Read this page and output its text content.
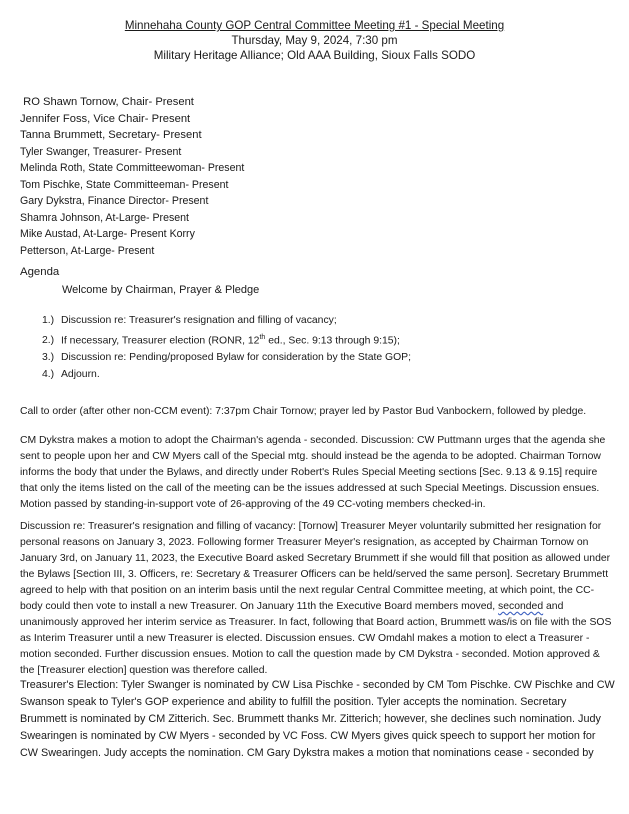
Minnehaha County GOP Central Committee Meeting #1 - Special Meeting
Thursday, May 9, 2024, 7:30 pm
Military Heritage Alliance; Old AAA Building, Sioux Falls SODO
RO Shawn Tornow, Chair- Present
Jennifer Foss, Vice Chair- Present
Tanna Brummett, Secretary- Present
Tyler Swanger, Treasurer- Present
Melinda Roth, State Committeewoman- Present
Tom Pischke, State Committeeman- Present
Gary Dykstra, Finance Director- Present
Shamra Johnson, At-Large- Present
Mike Austad, At-Large- Present Korry
Petterson, At-Large- Present
Agenda
Welcome by Chairman, Prayer & Pledge
1.) Discussion re: Treasurer's resignation and filling of vacancy;
2.) If necessary, Treasurer election (RONR, 12th ed., Sec. 9:13 through 9:15);
3.) Discussion re: Pending/proposed Bylaw for consideration by the State GOP;
4.) Adjourn.
Call to order (after other non-CCM event): 7:37pm Chair Tornow; prayer led by Pastor Bud Vanbockern, followed by pledge.
CM Dykstra makes a motion to adopt the Chairman's agenda - seconded. Discussion: CW Puttmann urges that the agenda she sent to people upon her and CW Myers call of the Special mtg. should instead be the agenda to be adopted. Chairman Tornow informs the body that under the Bylaws, and directly under Robert's Rules Special Meeting sections [Sec. 9.13 & 9.15] require that only the items listed on the call of the meeting can be the issues addressed at such Special Meetings. Discussion ensues. Motion passed by standing-in-support vote of 26-approving of the 49 CC-voting members checked-in.
Discussion re: Treasurer's resignation and filling of vacancy: [Tornow] Treasurer Meyer voluntarily submitted her resignation for personal reasons on January 3, 2023. Following former Treasurer Meyer's resignation, as accepted by Chairman Tornow on January 3rd, on January 11, 2023, the Executive Board asked Secretary Brummett if she would fill that position as allowed under the Bylaws [Section III, 3. Officers, re: Secretary & Treasurer Officers can be held/served the same person]. Secretary Brummett agreed to help with that position on an interim basis until the next regular Central Committee meeting, at which point, the CC-body could then vote to install a new Treasurer. On January 11th the Executive Board members moved, seconded and unanimously approved her interim service as Treasurer. In fact, following that Board action, Brummett was/is on file with the SOS as Interim Treasurer until a new Treasurer is elected. Discussion ensues. CW Omdahl makes a motion to elect a Treasurer - motion seconded. Further discussion ensues. Motion to call the question made by CM Dykstra - seconded. Motion approved & the [Treasurer election] question was therefore called.
Treasurer's Election: Tyler Swanger is nominated by CW Lisa Pischke - seconded by CM Tom Pischke. CW Pischke and CW Swanson speak to Tyler's GOP experience and ability to fulfill the position. Tyler accepts the nomination. Secretary Brummett is nominated by CM Zitterich. Sec. Brummett thanks Mr. Zitterich; however, she declines such nomination. Judy Swearingen is nominated by CW Myers - seconded by VC Foss. CW Myers gives quick speech to support her motion for CW Swearingen. Judy accepts the nomination. CM Gary Dykstra makes a motion that nominations cease - seconded by
